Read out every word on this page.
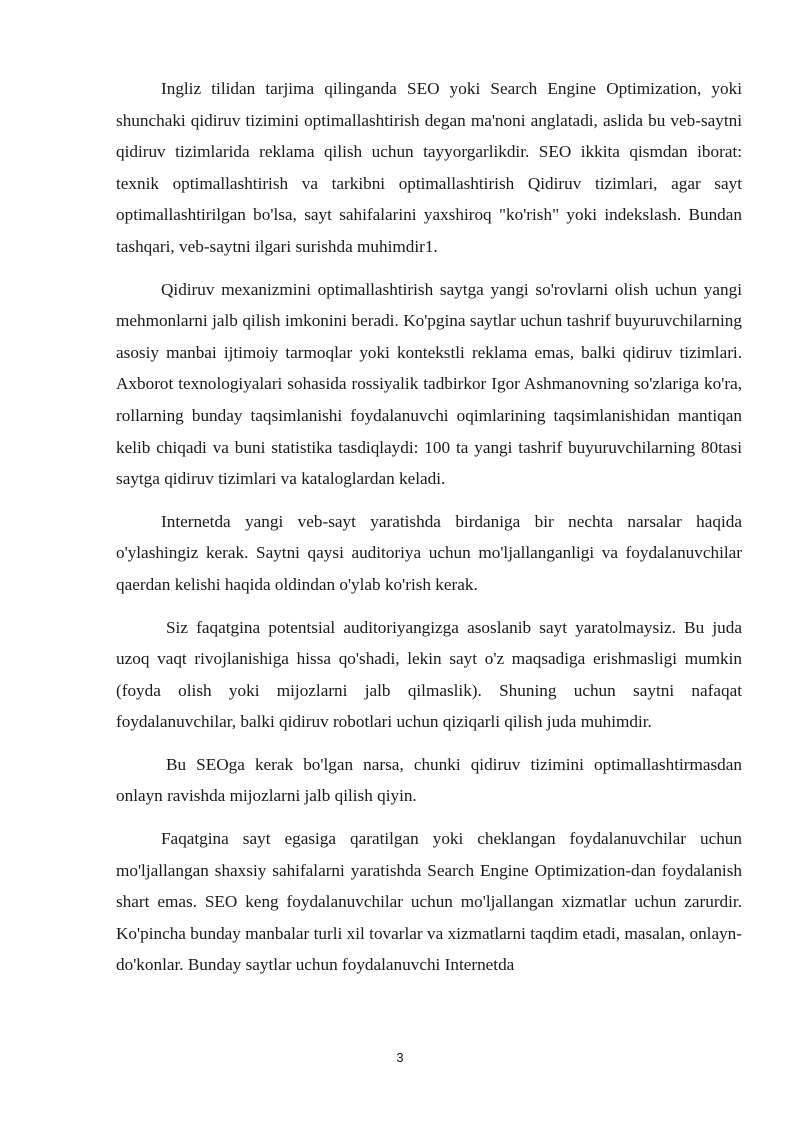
Ingliz tilidan tarjima qilinganda SEO yoki Search Engine Optimization, yoki shunchaki qidiruv tizimini optimallashtirish degan ma'noni anglatadi, aslida bu veb-saytni qidiruv tizimlarida reklama qilish uchun tayyorgarlikdir. SEO ikkita qismdan iborat: texnik optimallashtirish va tarkibni optimallashtirish Qidiruv tizimlari, agar sayt optimallashtirilgan bo'lsa, sayt sahifalarini yaxshiroq "ko'rish" yoki indekslash. Bundan tashqari, veb-saytni ilgari surishda muhimdir1.

Qidiruv mexanizmini optimallashtirish saytga yangi so'rovlarni olish uchun yangi mehmonlarni jalb qilish imkonini beradi. Ko'pgina saytlar uchun tashrif buyuruvchilarning asosiy manbai ijtimoiy tarmoqlar yoki kontekstli reklama emas, balki qidiruv tizimlari. Axborot texnologiyalari sohasida rossiyalik tadbirkor Igor Ashmanovning so'zlariga ko'ra, rollarning bunday taqsimlanishi foydalanuvchi oqimlarining taqsimlanishidan mantiqan kelib chiqadi va buni statistika tasdiqlaydi: 100 ta yangi tashrif buyuruvchilarning 80tasi saytga qidiruv tizimlari va kataloglardan keladi.

Internetda yangi veb-sayt yaratishda birdaniga bir nechta narsalar haqida o'ylashingiz kerak. Saytni qaysi auditoriya uchun mo'ljallanganligi va foydalanuvchilar qaerdan kelishi haqida oldindan o'ylab ko'rish kerak.

Siz faqatgina potentsial auditoriyangizga asoslanib sayt yaratolmaysiz. Bu juda uzoq vaqt rivojlanishiga hissa qo'shadi, lekin sayt o'z maqsadiga erishmasligi mumkin (foyda olish yoki mijozlarni jalb qilmaslik). Shuning uchun saytni nafaqat foydalanuvchilar, balki qidiruv robotlari uchun qiziqarli qilish juda muhimdir.

Bu SEOga kerak bo'lgan narsa, chunki qidiruv tizimini optimallashtirmasdan onlayn ravishda mijozlarni jalb qilish qiyin.

Faqatgina sayt egasiga qaratilgan yoki cheklangan foydalanuvchilar uchun mo'ljallangan shaxsiy sahifalarni yaratishda Search Engine Optimization-dan foydalanish shart emas. SEO keng foydalanuvchilar uchun mo'ljallangan xizmatlar uchun zarurdir. Ko'pincha bunday manbalar turli xil tovarlar va xizmatlarni taqdim etadi, masalan, onlayn-do'konlar. Bunday saytlar uchun foydalanuvchi Internetda

3
